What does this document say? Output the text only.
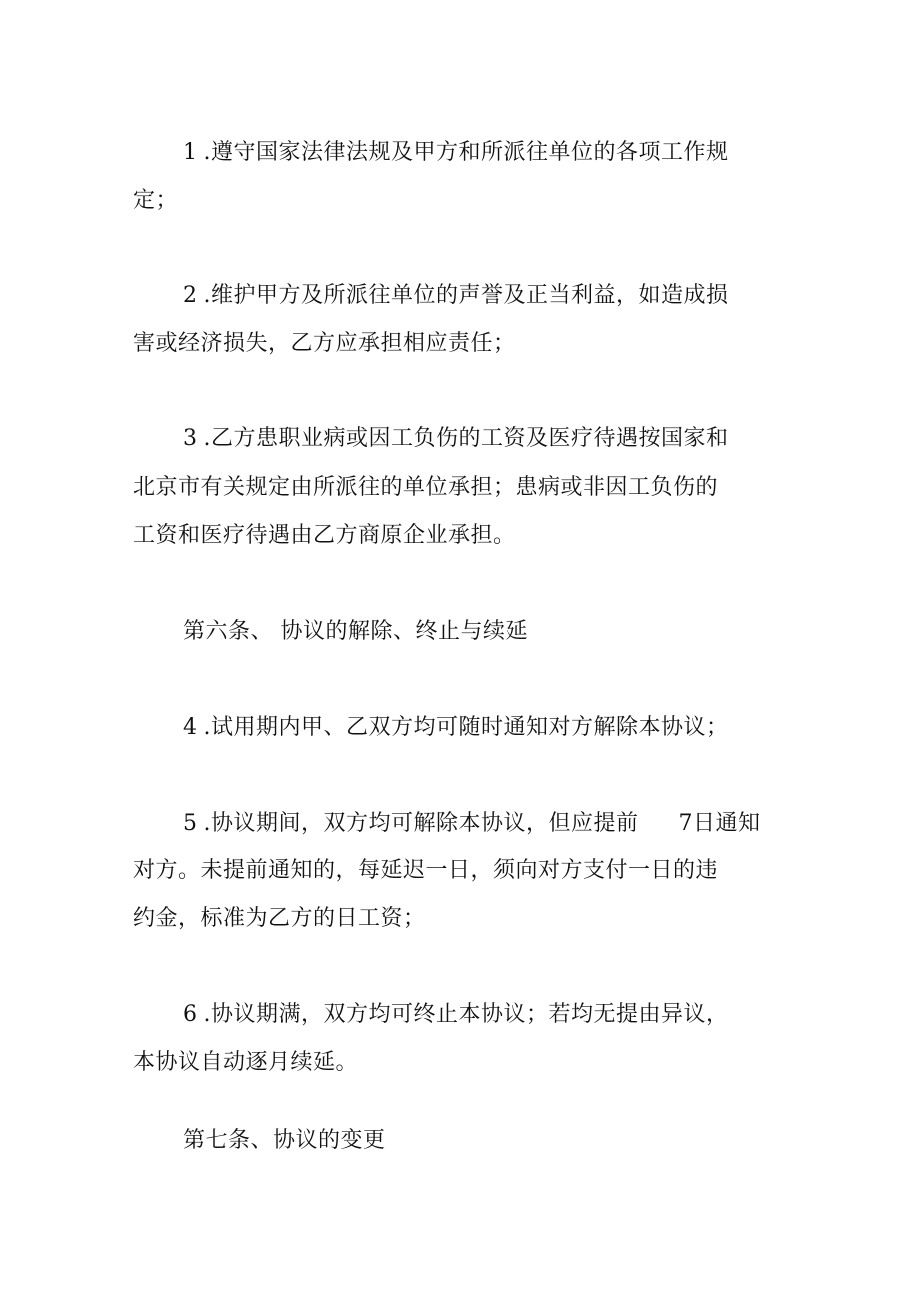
1 .遵守国家法律法规及甲方和所派往单位的各项工作规
定；
2 .维护甲方及所派往单位的声誉及正当利益，如造成损
害或经济损失，乙方应承担相应责任；
3 .乙方患职业病或因工负伤的工资及医疗待遇按国家和
北京市有关规定由所派往的单位承担；患病或非因工负伤的
工资和医疗待遇由乙方商原企业承担。
第六条、 协议的解除、终止与续延
4 .试用期内甲、乙双方均可随时通知对方解除本协议；
5 .协议期间，双方均可解除本协议，但应提前 7日通知
对方。未提前通知的，每延迟一日，须向对方支付一日的违
约金，标准为乙方的日工资；
6 .协议期满，双方均可终止本协议；若均无提由异议，
本协议自动逐月续延。
第七条、协议的变更
